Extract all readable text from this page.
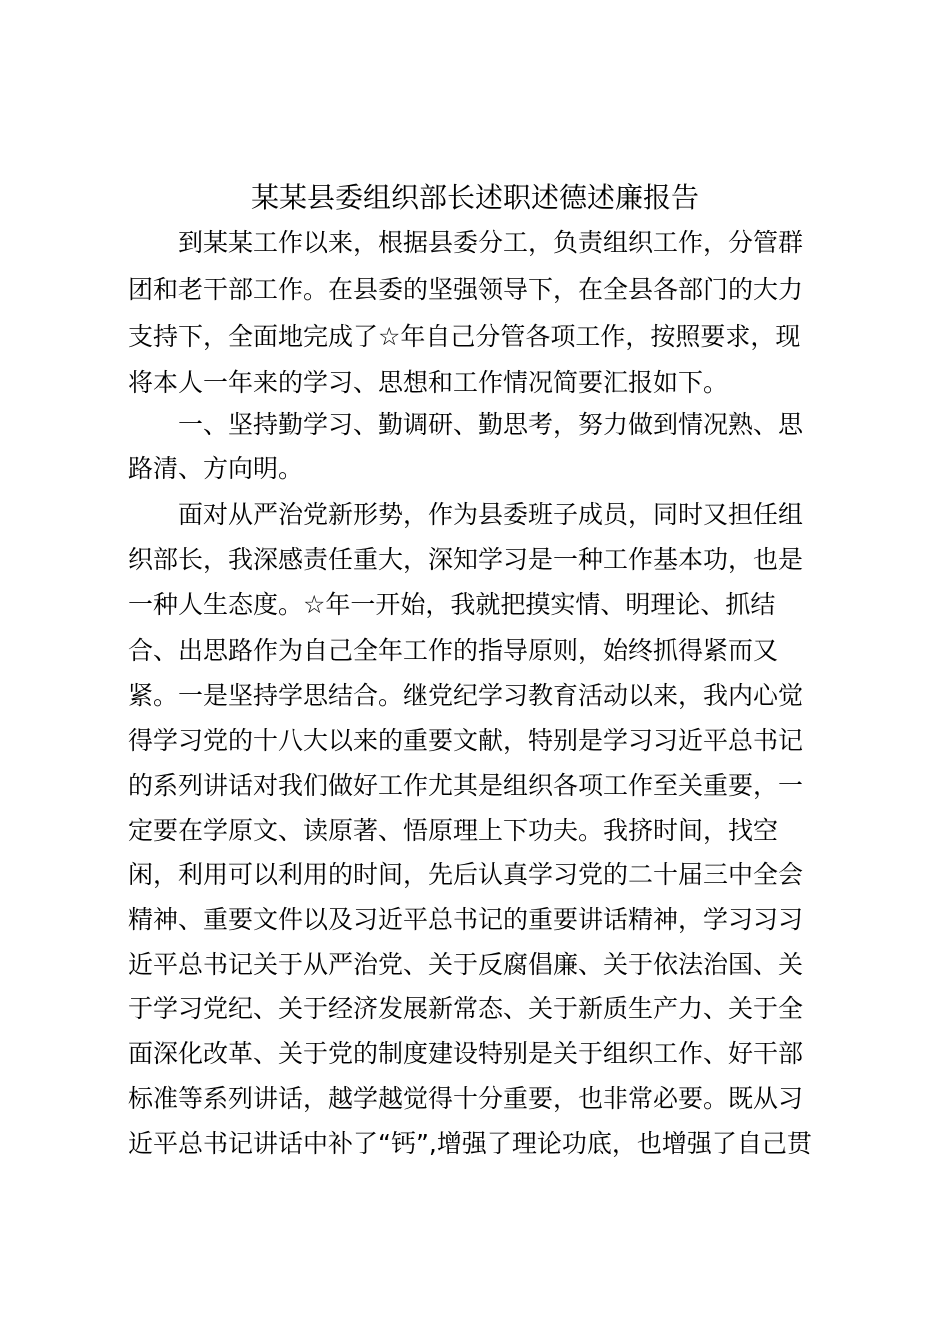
某某县委组织部长述职述德述廉报告
　　到某某工作以来，根据县委分工，负责组织工作，分管群
团和老干部工作。在县委的坚强领导下，在全县各部门的大力
支持下，全面地完成了☆年自己分管各项工作，按照要求，现
将本人一年来的学习、思想和工作情况简要汇报如下。
　　一、坚持勤学习、勤调研、勤思考，努力做到情况熟、思
路清、方向明。
　　面对从严治党新形势，作为县委班子成员，同时又担任组
织部长，我深感责任重大，深知学习是一种工作基本功，也是
一种人生态度。☆年一开始，我就把摸实情、明理论、抓结
合、出思路作为自己全年工作的指导原则，始终抓得紧而又
紧。一是坚持学思结合。继党纪学习教育活动以来，我内心觉
得学习党的十八大以来的重要文献，特别是学习习近平总书记
的系列讲话对我们做好工作尤其是组织各项工作至关重要，一
定要在学原文、读原著、悟原理上下功夫。我挤时间，找空
闲，利用可以利用的时间，先后认真学习党的二十届三中全会
精神、重要文件以及习近平总书记的重要讲话精神，学习习习
近平总书记关于从严治党、关于反腐倡廉、关于依法治国、关
于学习党纪、关于经济发展新常态、关于新质生产力、关于全
面深化改革、关于党的制度建设特别是关于组织工作、好干部
标准等系列讲话，越学越觉得十分重要，也非常必要。既从习
近平总书记讲话中补了“钙”,增强了理论功底，也增强了自己贯
